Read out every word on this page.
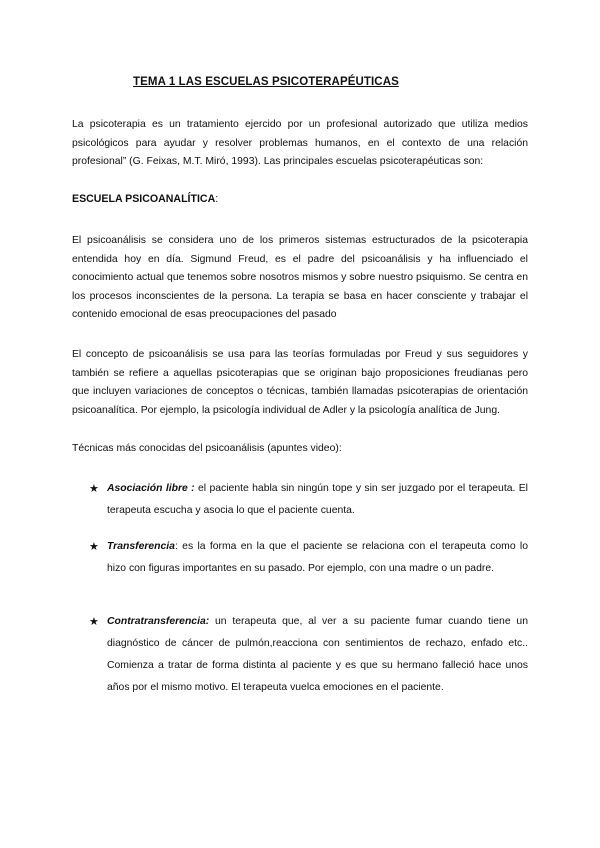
TEMA 1 LAS ESCUELAS PSICOTERAPÉUTICAS
La psicoterapia es un tratamiento ejercido por un profesional autorizado que utiliza medios psicológicos para ayudar y resolver problemas humanos, en el contexto de una relación profesional” (G. Feixas, M.T. Miró, 1993). Las principales escuelas psicoterapéuticas son:
ESCUELA PSICOANALÍTICA:
El psicoanálisis se considera uno de los primeros sistemas estructurados de la psicoterapia entendida hoy en día. Sigmund Freud, es el padre del psicoanálisis y ha influenciado el conocimiento actual que tenemos sobre nosotros mismos y sobre nuestro psiquismo. Se centra en los procesos inconscientes de la persona. La terapia se basa en hacer consciente y trabajar el contenido emocional de esas preocupaciones del pasado
El concepto de psicoanálisis se usa para las teorías formuladas por Freud y sus seguidores y también se refiere a aquellas psicoterapias que se originan bajo proposiciones freudianas pero que incluyen variaciones de conceptos o técnicas, también llamadas psicoterapias de orientación psicoanalítica. Por ejemplo, la psicología individual de Adler y la psicología analítica de Jung.
Técnicas más conocidas del psicoanálisis (apuntes video):
★ Asociación libre : el paciente habla sin ningún tope y sin ser juzgado por el terapeuta. El terapeuta escucha y asocia lo que el paciente cuenta.
★ Transferencia: es la forma en la que el paciente se relaciona con el terapeuta como lo hizo con figuras importantes en su pasado. Por ejemplo, con una madre o un padre.
★ Contratransferencia: un terapeuta que, al ver a su paciente fumar cuando tiene un diagnóstico de cáncer de pulmón,reacciona con sentimientos de rechazo, enfado etc.. Comienza a tratar de forma distinta al paciente y es que su hermano falleció hace unos años por el mismo motivo. El terapeuta vuelca emociones en el paciente.
